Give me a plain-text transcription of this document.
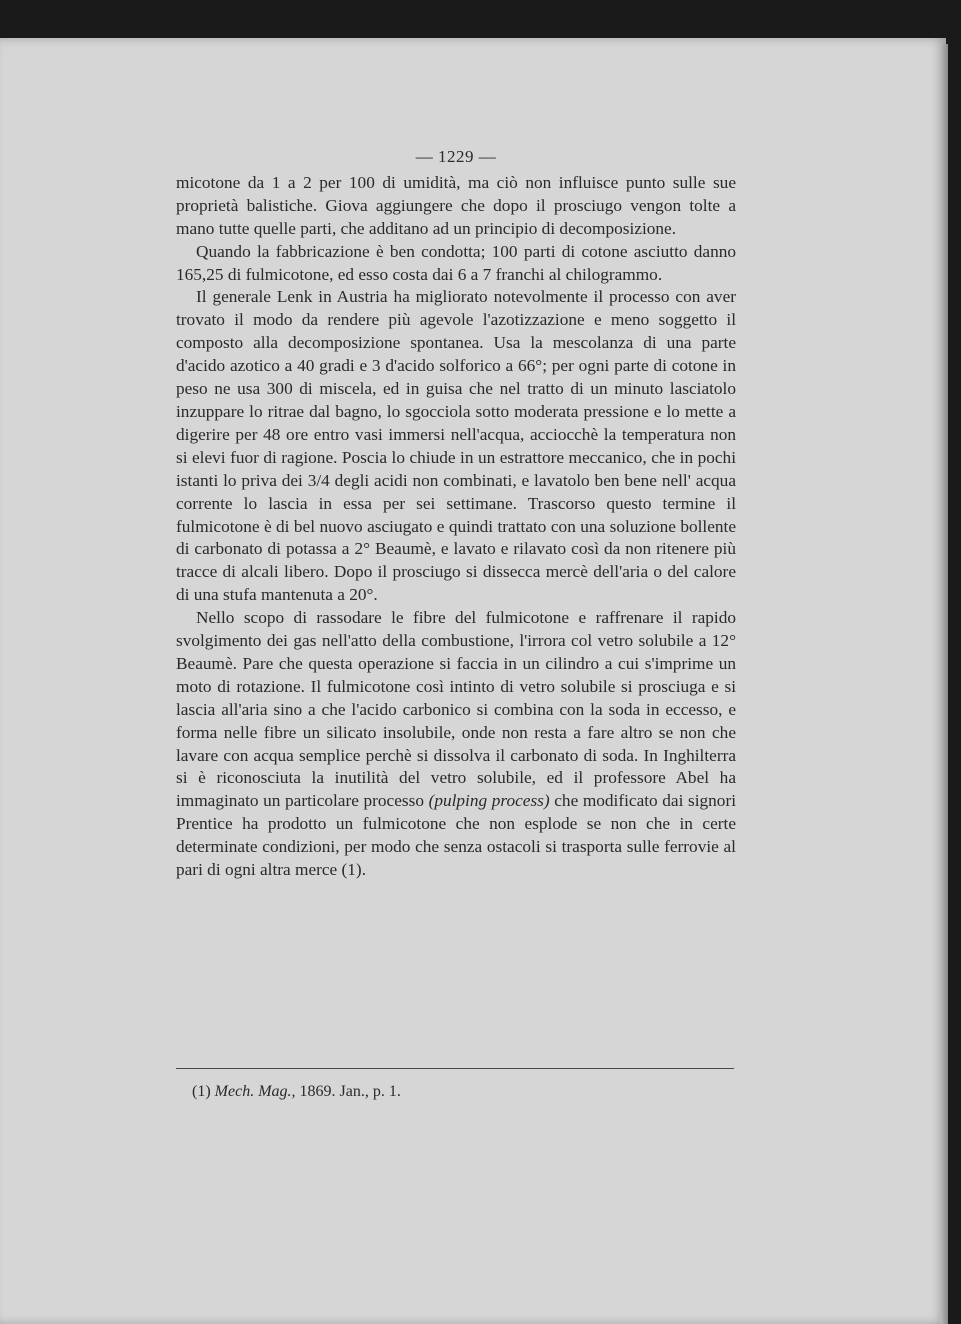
— 1229 —

micotone da 1 a 2 per 100 di umidità, ma ciò non influisce punto sulle sue proprietà balistiche. Giova aggiungere che dopo il prosciugo vengon tolte a mano tutte quelle parti, che additano ad un principio di decomposizione.

Quando la fabbricazione è ben condotta; 100 parti di cotone asciutto danno 165,25 di fulmicotone, ed esso costa dai 6 a 7 franchi al chilogrammo.

Il generale Lenk in Austria ha migliorato notevolmente il processo con aver trovato il modo da rendere più agevole l'azotizzazione e meno soggetto il composto alla decomposizione spontanea. Usa la mescolanza di una parte d'acido azotico a 40 gradi e 3 d'acido solforico a 66°; per ogni parte di cotone in peso ne usa 300 di miscela, ed in guisa che nel tratto di un minuto lasciatolo inzuppare lo ritrae dal bagno, lo sgocciola sotto moderata pressione e lo mette a digerire per 48 ore entro vasi immersi nell'acqua, acciocchè la temperatura non si elevi fuor di ragione. Poscia lo chiude in un estrattore meccanico, che in pochi istanti lo priva dei 3/4 degli acidi non combinati, e lavatolo ben bene nell' acqua corrente lo lascia in essa per sei settimane. Trascorso questo termine il fulmicotone è di bel nuovo asciugato e quindi trattato con una soluzione bollente di carbonato di potassa a 2° Beaumè, e lavato e rilavato così da non ritenere più tracce di alcali libero. Dopo il prosciugo si dissecca mercè dell'aria o del calore di una stufa mantenuta a 20°.

Nello scopo di rassodare le fibre del fulmicotone e raffrenare il rapido svolgimento dei gas nell'atto della combustione, l'irrora col vetro solubile a 12° Beaumè. Pare che questa operazione si faccia in un cilindro a cui s'imprime un moto di rotazione. Il fulmicotone così intinto di vetro solubile si prosciuga e si lascia all'aria sino a che l'acido carbonico si combina con la soda in eccesso, e forma nelle fibre un silicato insolubile, onde non resta a fare altro se non che lavare con acqua semplice perchè si dissolva il carbonato di soda. In Inghilterra si è riconosciuta la inutilità del vetro solubile, ed il professore Abel ha immaginato un particolare processo (pulping process) che modificato dai signori Prentice ha prodotto un fulmicotone che non esplode se non che in certe determinate condizioni, per modo che senza ostacoli si trasporta sulle ferrovie al pari di ogni altra merce (1).

(1) Mech. Mag., 1869. Jan., p. 1.
